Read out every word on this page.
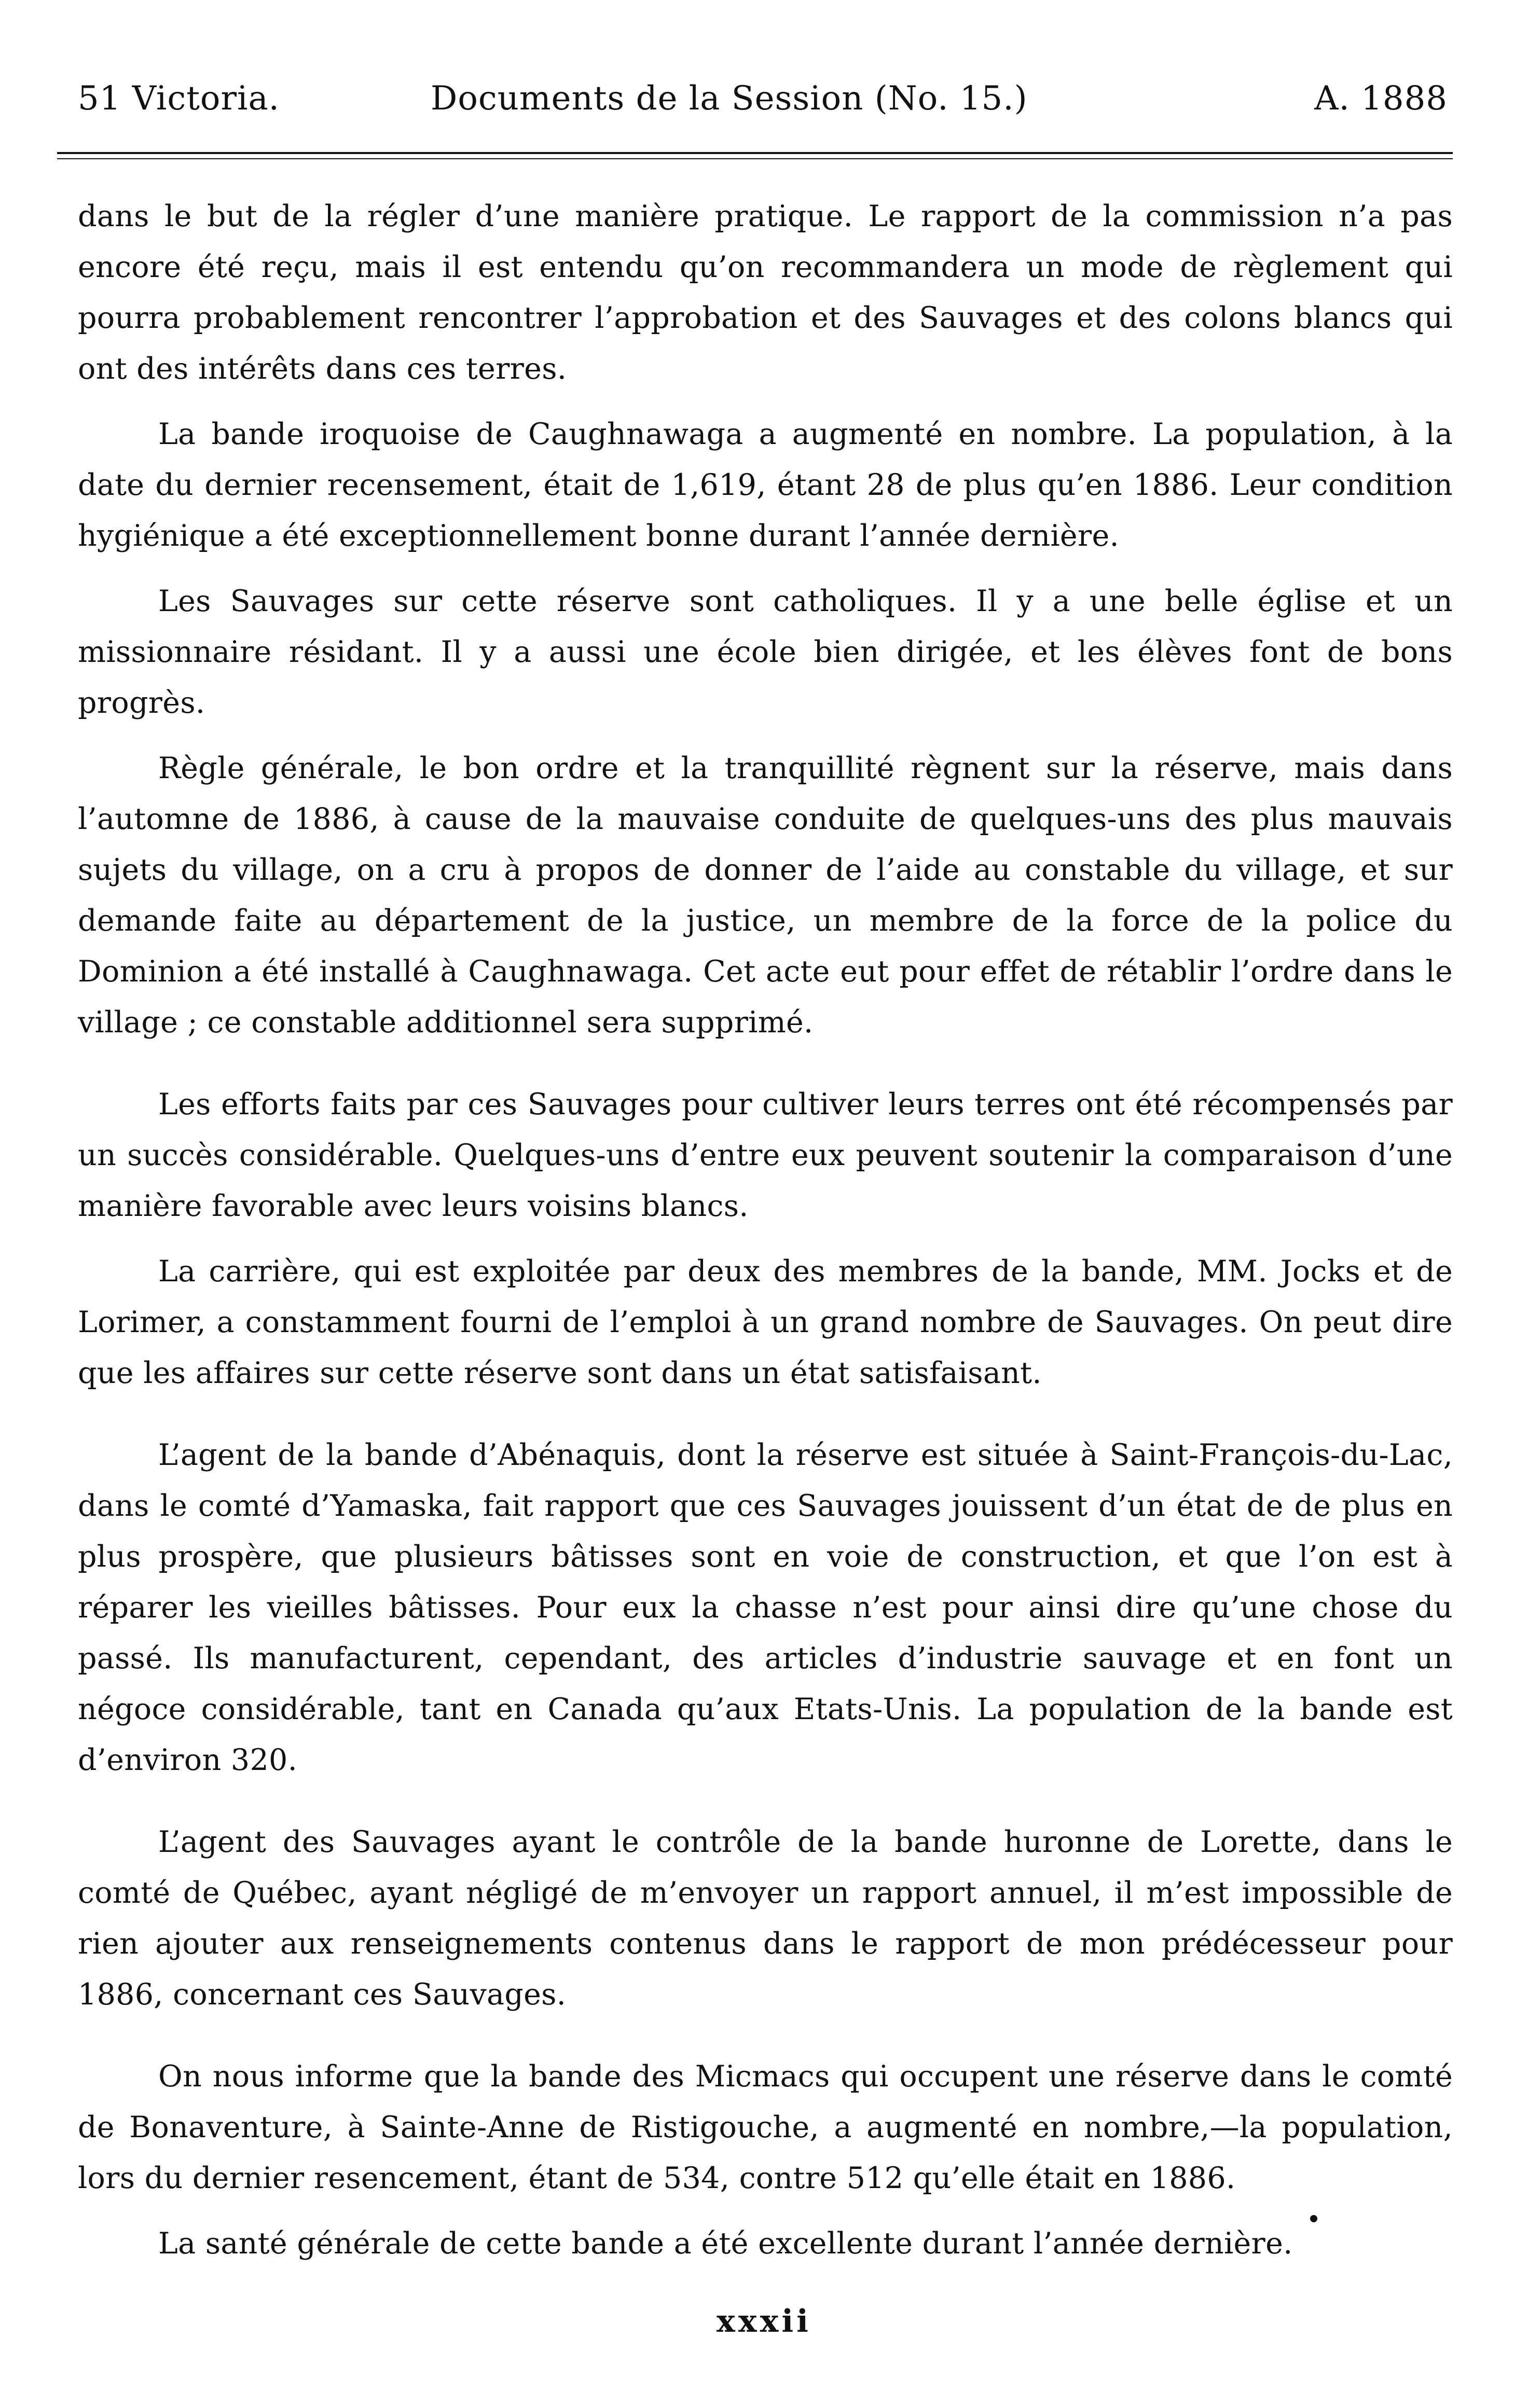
51 Victoria.	Documents de la Session (No. 15.)	A. 1888

dans le but de la régler d’une manière pratique. Le rapport de la commission n’a pas encore été reçu, mais il est entendu qu’on recommandera un mode de règlement qui pourra probablement rencontrer l’approbation et des Sauvages et des colons blancs qui ont des intérêts dans ces terres.

La bande iroquoise de Caughnawaga a augmenté en nombre. La population, à la date du dernier recensement, était de 1,619, étant 28 de plus qu’en 1886. Leur condition hygiénique a été exceptionnellement bonne durant l’année dernière.

Les Sauvages sur cette réserve sont catholiques. Il y a une belle église et un missionnaire résidant. Il y a aussi une école bien dirigée, et les élèves font de bons progrès.

Règle générale, le bon ordre et la tranquillité règnent sur la réserve, mais dans l’automne de 1886, à cause de la mauvaise conduite de quelques-uns des plus mauvais sujets du village, on a cru à propos de donner de l’aide au constable du village, et sur demande faite au département de la justice, un membre de la force de la police du Dominion a été installé à Caughnawaga. Cet acte eut pour effet de rétablir l’ordre dans le village ; ce constable additionnel sera supprimé.

Les efforts faits par ces Sauvages pour cultiver leurs terres ont été récompensés par un succès considérable. Quelques-uns d’entre eux peuvent soutenir la comparaison d’une manière favorable avec leurs voisins blancs.

La carrière, qui est exploitée par deux des membres de la bande, MM. Jocks et de Lorimer, a constamment fourni de l’emploi à un grand nombre de Sauvages. On peut dire que les affaires sur cette réserve sont dans un état satisfaisant.

L’agent de la bande d’Abénaquis, dont la réserve est située à Saint-François-du-Lac, dans le comté d’Yamaska, fait rapport que ces Sauvages jouissent d’un état de de plus en plus prospère, que plusieurs bâtisses sont en voie de construction, et que l’on est à réparer les vieilles bâtisses. Pour eux la chasse n’est pour ainsi dire qu’une chose du passé. Ils manufacturent, cependant, des articles d’industrie sauvage et en font un négoce considérable, tant en Canada qu’aux Etats-Unis. La population de la bande est d’environ 320.

L’agent des Sauvages ayant le contrôle de la bande huronne de Lorette, dans le comté de Québec, ayant négligé de m’envoyer un rapport annuel, il m’est impossible de rien ajouter aux renseignements contenus dans le rapport de mon prédécesseur pour 1886, concernant ces Sauvages.

On nous informe que la bande des Micmacs qui occupent une réserve dans le comté de Bonaventure, à Sainte-Anne de Ristigouche, a augmenté en nombre,—la population, lors du dernier resencement, étant de 534, contre 512 qu’elle était en 1886.

La santé générale de cette bande a été excellente durant l’année dernière.

xxxii
